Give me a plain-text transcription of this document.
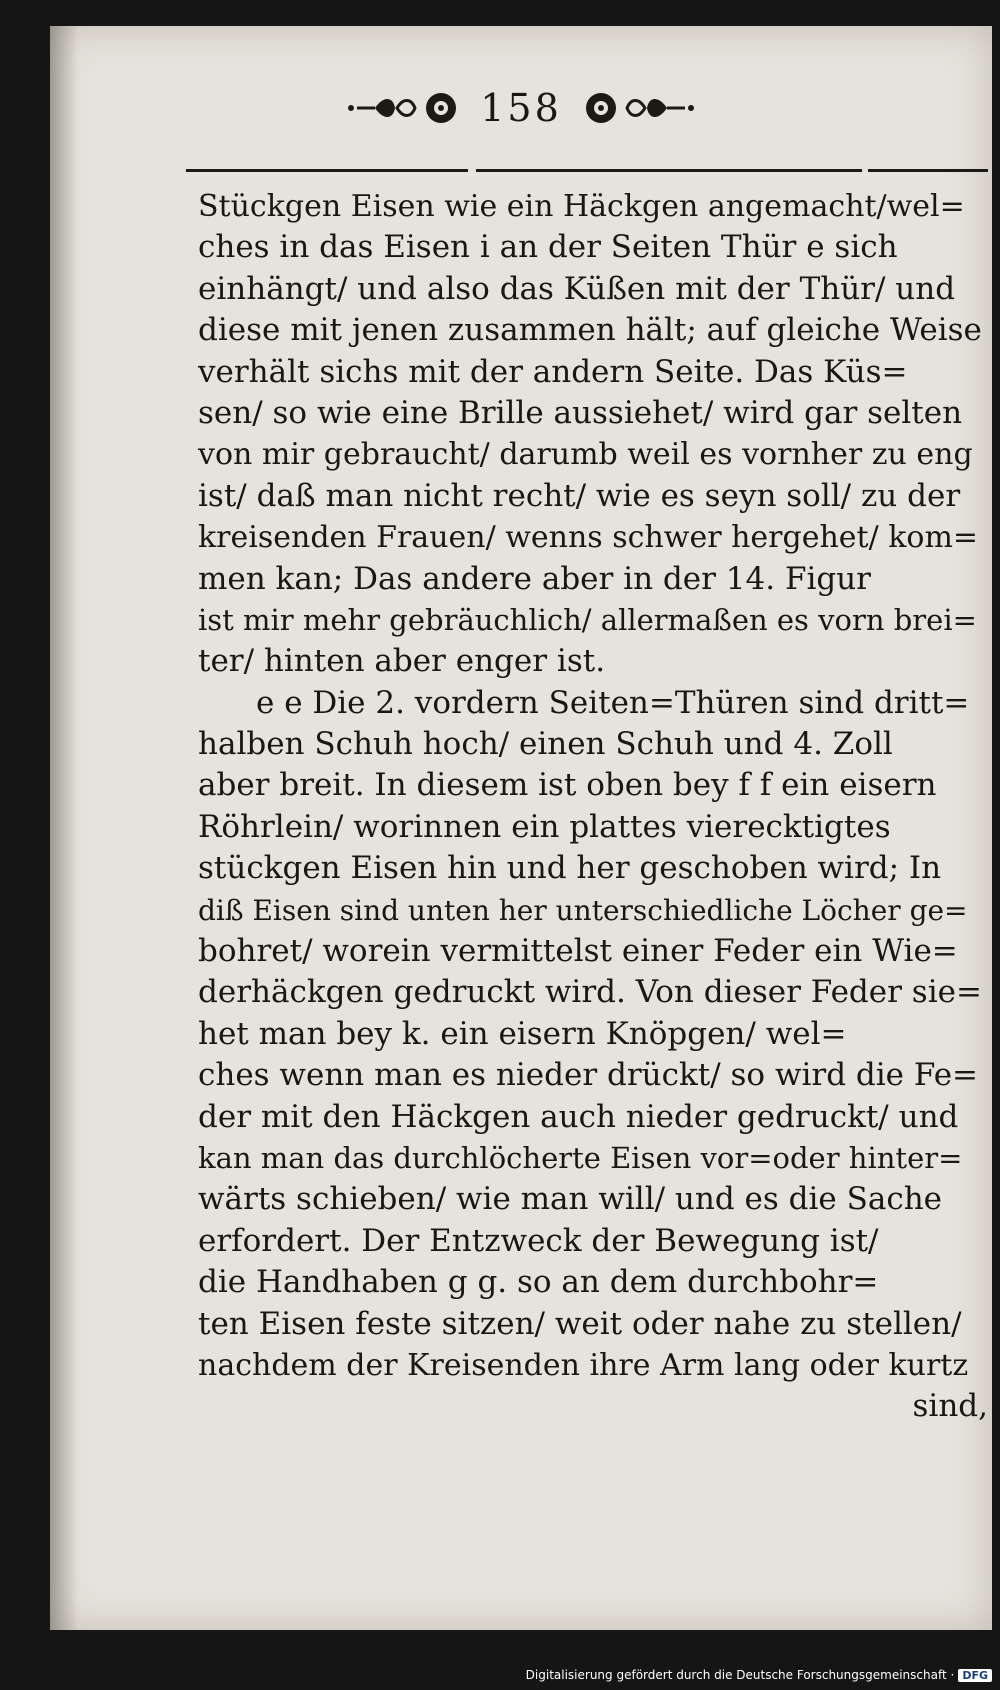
158
Stückgen Eisen wie ein Häckgen angemacht/wel=
ches in das Eisen i an der Seiten Thür e sich
einhängt/ und also das Küßen mit der Thür/ und
diese mit jenen zusammen hält; auf gleiche Weise
verhält sichs mit der andern Seite. Das Küs=
sen/ so wie eine Brille aussiehet/ wird gar selten
von mir gebraucht/ darumb weil es vornher zu eng
ist/ daß man nicht recht/ wie es seyn soll/ zu der
kreisenden Frauen/ wenns schwer hergehet/ kom=
men kan; Das andere aber in der 14. Figur
ist mir mehr gebräuchlich/ allermaßen es vorn brei=
ter/ hinten aber enger ist.
e e Die 2. vordern Seiten=Thüren sind dritt=
halben Schuh hoch/ einen Schuh und 4. Zoll
aber breit. In diesem ist oben bey f f ein eisern
Röhrlein/ worinnen ein plattes vierecktigtes
stückgen Eisen hin und her geschoben wird; In
diß Eisen sind unten her unterschiedliche Löcher ge=
bohret/ worein vermittelst einer Feder ein Wie=
derhäckgen gedruckt wird. Von dieser Feder sie=
het man bey k. ein eisern Knöpgen/ wel=
ches wenn man es nieder drückt/ so wird die Fe=
der mit den Häckgen auch nieder gedruckt/ und
kan man das durchlöcherte Eisen vor=oder hinter=
wärts schieben/ wie man will/ und es die Sache
erfordert. Der Entzweck der Bewegung ist/
die Handhaben g g. so an dem durchbohr=
ten Eisen feste sitzen/ weit oder nahe zu stellen/
nachdem der Kreisenden ihre Arm lang oder kurtz
sind,
Digitalisierung gefördert durch die Deutsche Forschungsgemeinschaft · DFG
